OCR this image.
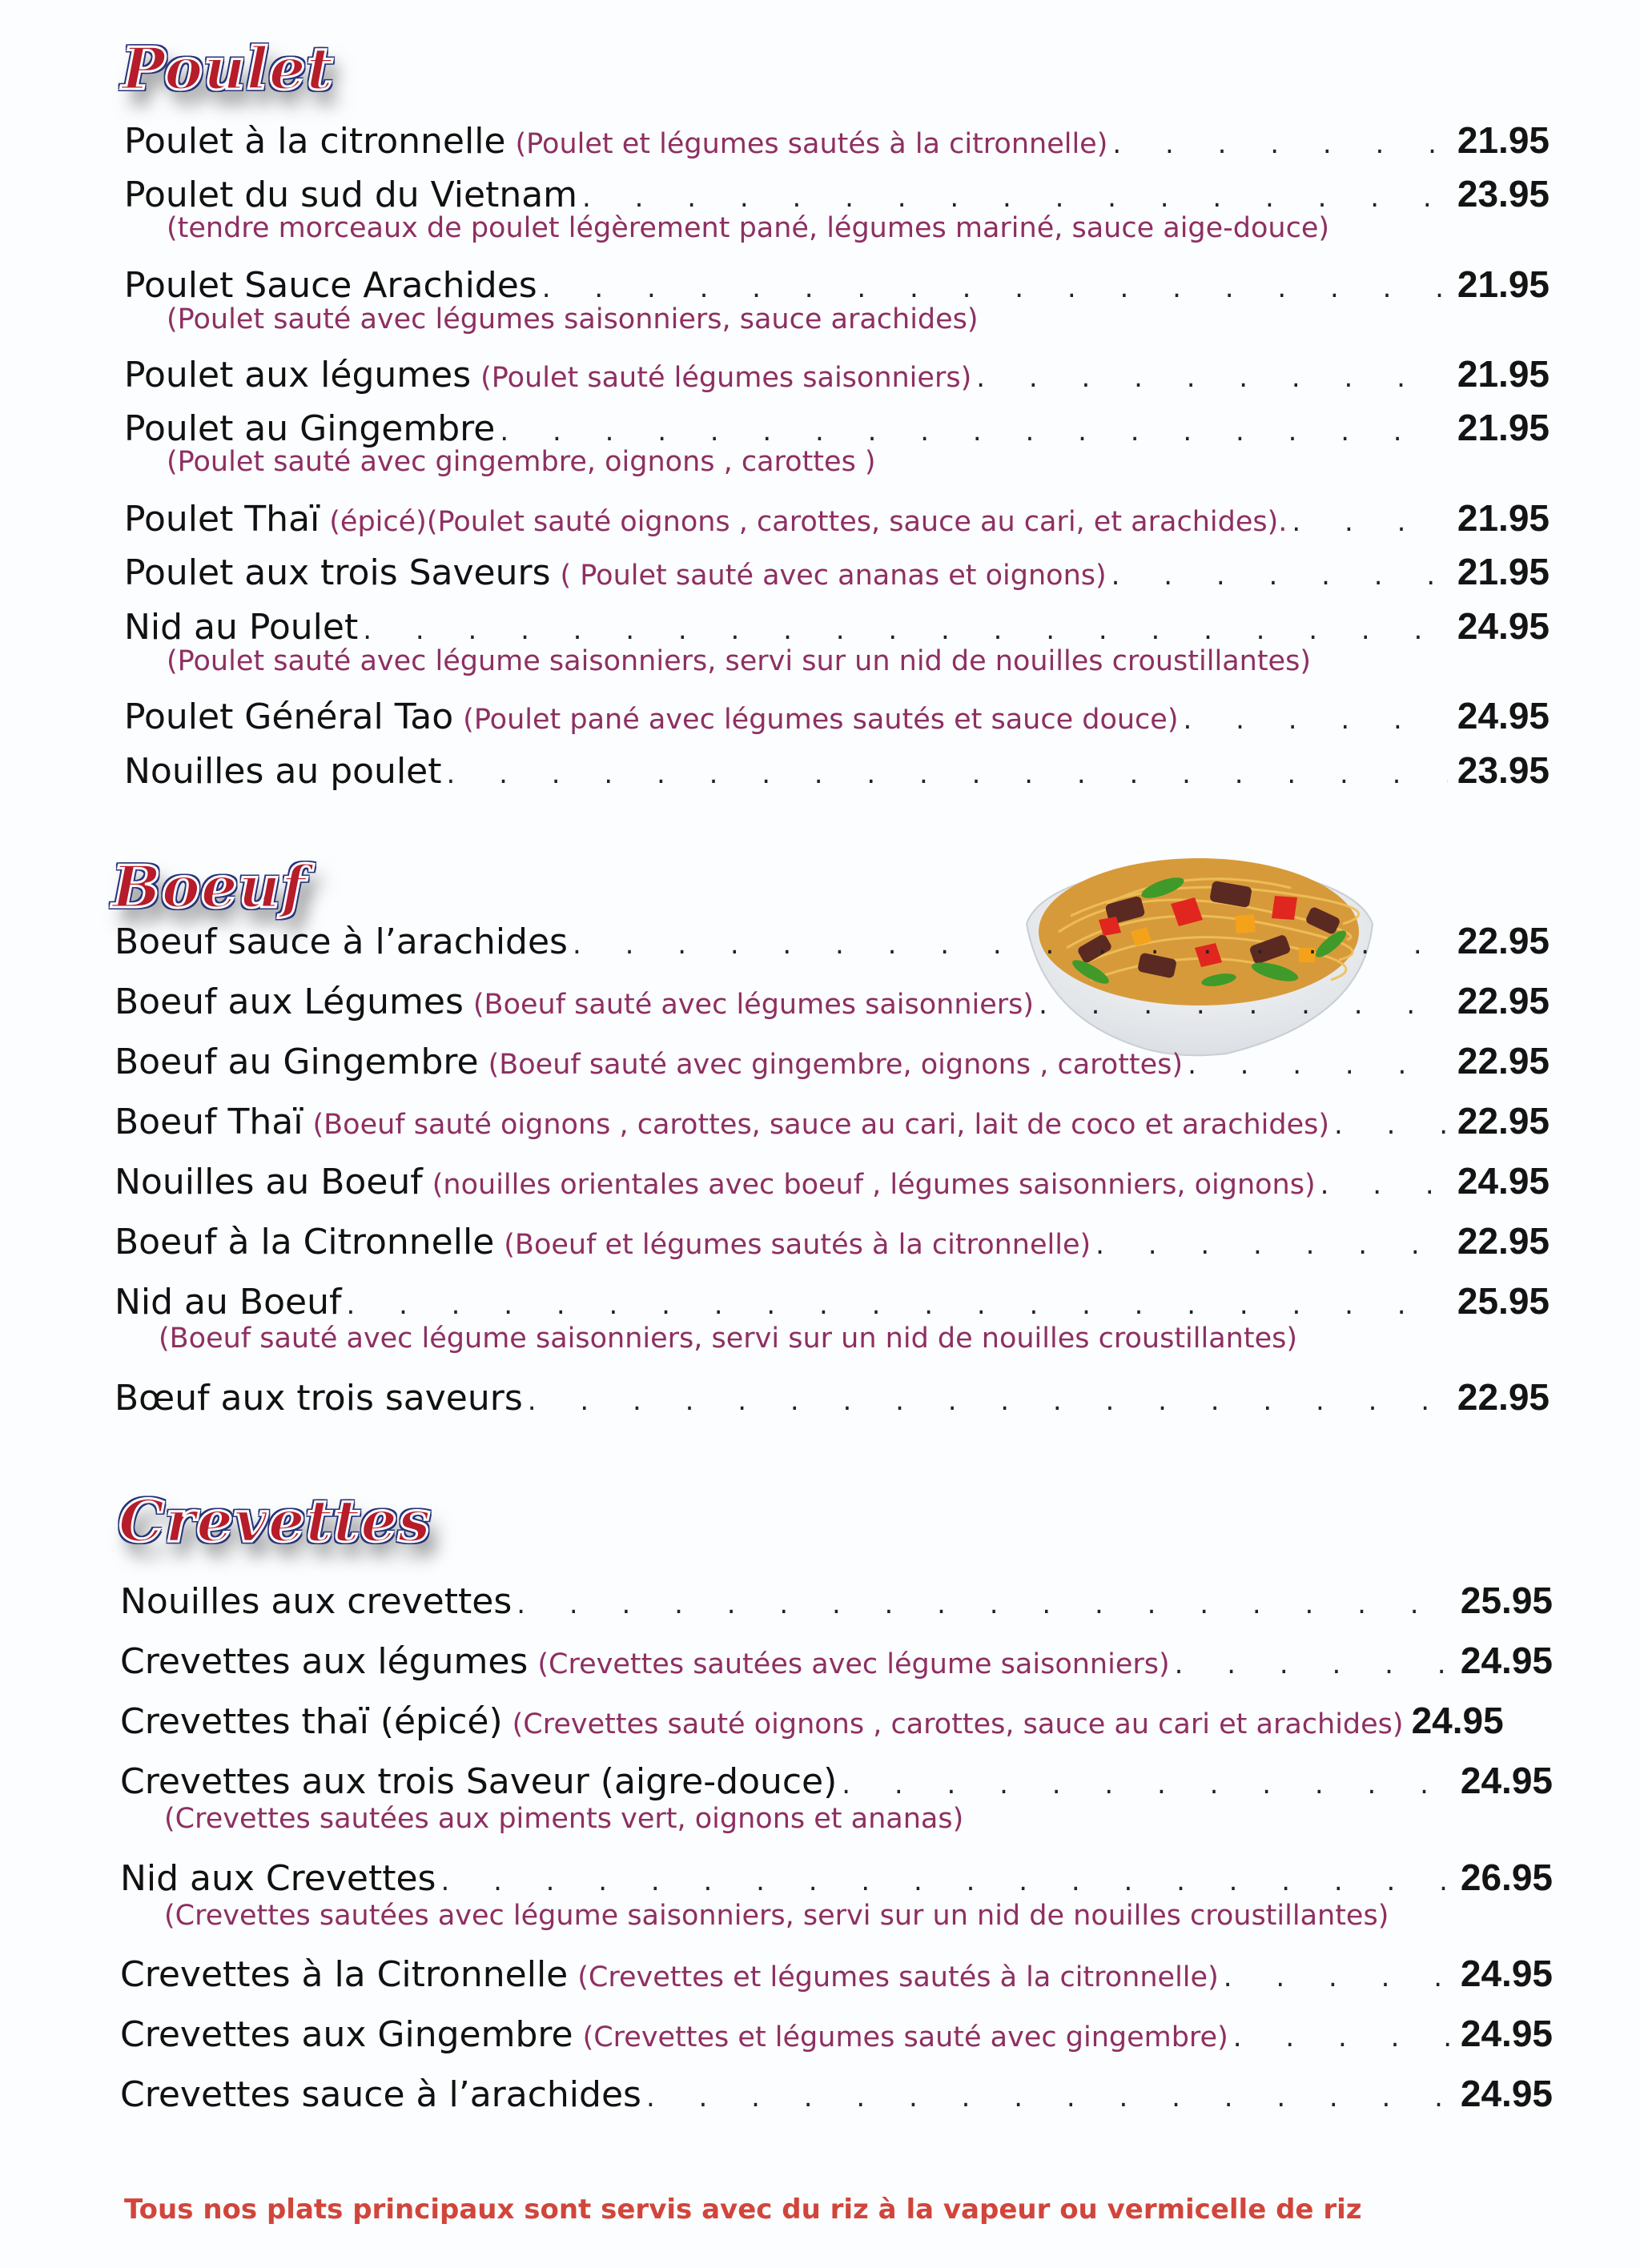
Poulet
Poulet à la citronnelle (Poulet et légumes sautés à la citronnelle) . . .	21.95
Poulet du sud du Vietnam . . .	23.95
(tendre morceaux de poulet légèrement pané, légumes mariné, sauce aige-douce)
Poulet Sauce Arachides . . .	21.95
(Poulet sauté avec légumes saisonniers, sauce arachides)
Poulet aux légumes (Poulet sauté légumes saisonniers) . . .	21.95
Poulet au Gingembre . . .	21.95
(Poulet sauté avec gingembre, oignons , carottes )
Poulet Thaï (épicé)(Poulet sauté oignons , carottes, sauce au cari, et arachides). . . .	21.95
Poulet aux trois Saveurs ( Poulet sauté avec ananas et oignons) . . .	21.95
Nid au Poulet . . .	24.95
(Poulet sauté avec légume saisonniers, servi sur un nid de nouilles croustillantes)
Poulet Général Tao (Poulet pané avec légumes sautés et sauce douce) . . .	24.95
Nouilles au poulet . . .	23.95
Boeuf
Boeuf sauce à l’arachides . . .	22.95
Boeuf aux Légumes (Boeuf sauté avec légumes saisonniers) . . .	22.95
Boeuf au Gingembre (Boeuf sauté avec gingembre, oignons , carottes) . . .	22.95
Boeuf Thaï (Boeuf sauté oignons , carottes, sauce au cari, lait de coco et arachides) . . .	22.95
Nouilles au Boeuf (nouilles orientales avec boeuf , légumes saisonniers, oignons) . . .	24.95
Boeuf à la Citronnelle (Boeuf et légumes sautés à la citronnelle) . . .	22.95
Nid au Boeuf . . .	25.95
(Boeuf sauté avec légume saisonniers, servi sur un nid de nouilles croustillantes)
Bœuf aux trois saveurs . . .	22.95
Crevettes
Nouilles aux crevettes . . .	25.95
Crevettes aux légumes (Crevettes sautées avec légume saisonniers) . . .	24.95
Crevettes thaï (épicé) (Crevettes sauté oignons , carottes, sauce au cari et arachides) 24.95
Crevettes aux trois Saveur (aigre-douce) . . .	24.95
(Crevettes sautées aux piments vert, oignons et ananas)
Nid aux Crevettes . . .	26.95
(Crevettes sautées avec légume saisonniers, servi sur un nid de nouilles croustillantes)
Crevettes à la Citronnelle (Crevettes et légumes sautés à la citronnelle) . . .	24.95
Crevettes aux Gingembre (Crevettes et légumes sauté avec gingembre) . . .	24.95
Crevettes sauce à l’arachides . . .	24.95
Tous nos plats principaux sont servis avec du riz à la vapeur ou vermicelle de riz
